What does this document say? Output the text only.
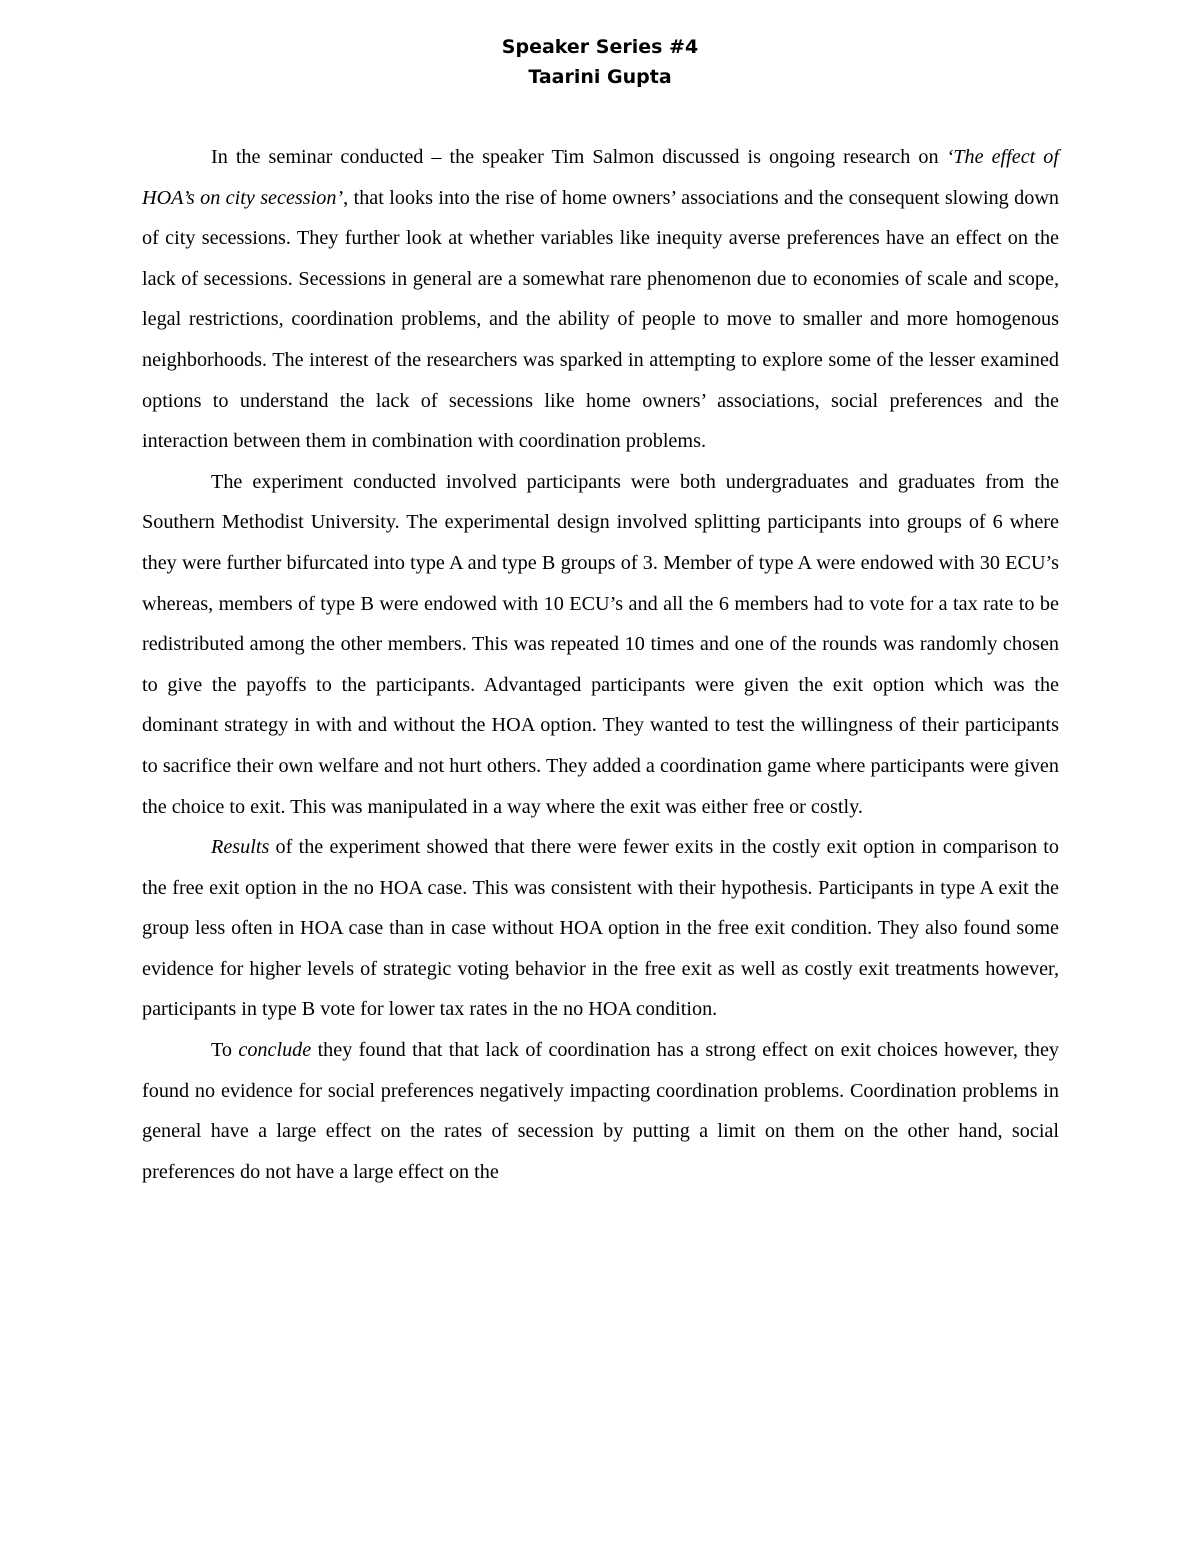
Speaker Series #4
Taarini Gupta

In the seminar conducted – the speaker Tim Salmon discussed is ongoing research on ‘The effect of HOA’s on city secession’, that looks into the rise of home owners’ associations and the consequent slowing down of city secessions. They further look at whether variables like inequity averse preferences have an effect on the lack of secessions. Secessions in general are a somewhat rare phenomenon due to economies of scale and scope, legal restrictions, coordination problems, and the ability of people to move to smaller and more homogenous neighborhoods. The interest of the researchers was sparked in attempting to explore some of the lesser examined options to understand the lack of secessions like home owners’ associations, social preferences and the interaction between them in combination with coordination problems.

The experiment conducted involved participants were both undergraduates and graduates from the Southern Methodist University. The experimental design involved splitting participants into groups of 6 where they were further bifurcated into type A and type B groups of 3. Member of type A were endowed with 30 ECU’s whereas, members of type B were endowed with 10 ECU’s and all the 6 members had to vote for a tax rate to be redistributed among the other members. This was repeated 10 times and one of the rounds was randomly chosen to give the payoffs to the participants. Advantaged participants were given the exit option which was the dominant strategy in with and without the HOA option. They wanted to test the willingness of their participants to sacrifice their own welfare and not hurt others. They added a coordination game where participants were given the choice to exit. This was manipulated in a way where the exit was either free or costly.

Results of the experiment showed that there were fewer exits in the costly exit option in comparison to the free exit option in the no HOA case. This was consistent with their hypothesis. Participants in type A exit the group less often in HOA case than in case without HOA option in the free exit condition. They also found some evidence for higher levels of strategic voting behavior in the free exit as well as costly exit treatments however, participants in type B vote for lower tax rates in the no HOA condition.

To conclude they found that that lack of coordination has a strong effect on exit choices however, they found no evidence for social preferences negatively impacting coordination problems. Coordination problems in general have a large effect on the rates of secession by putting a limit on them on the other hand, social preferences do not have a large effect on the
